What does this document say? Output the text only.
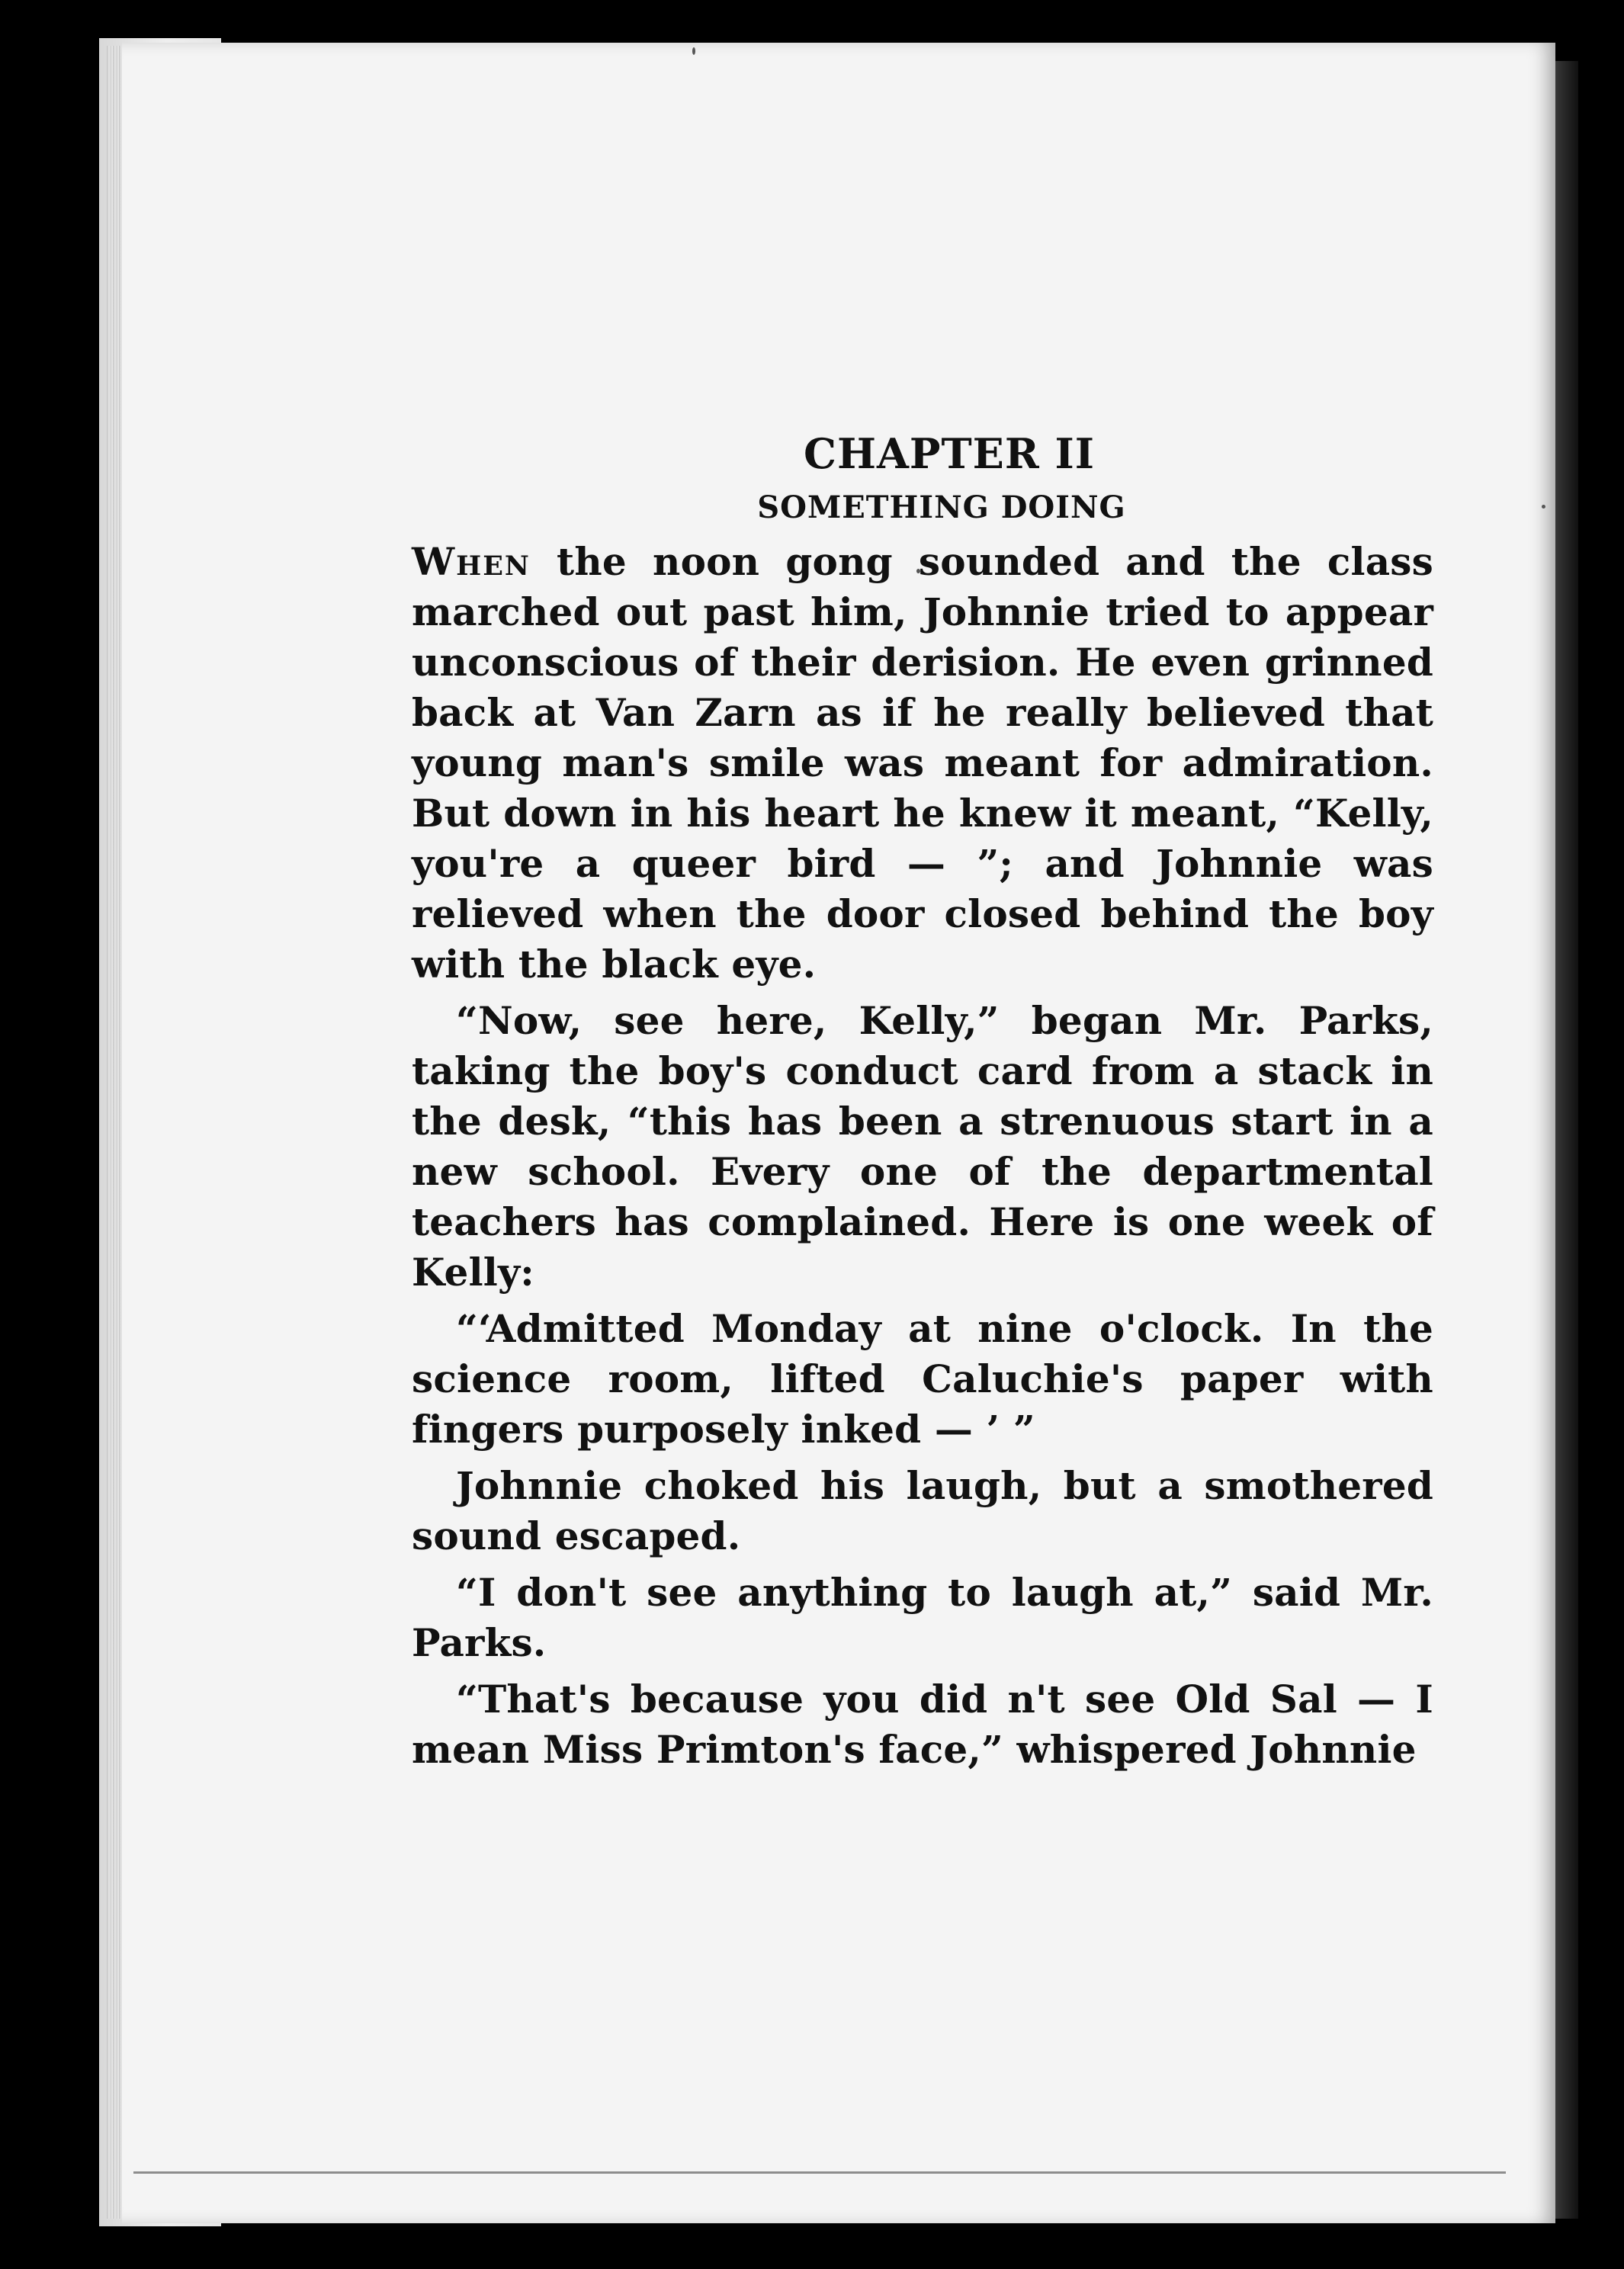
CHAPTER II
SOMETHING DOING

When the noon gong sounded and the class marched out past him, Johnnie tried to appear unconscious of their derision. He even grinned back at Van Zarn as if he really believed that young man's smile was meant for admiration. But down in his heart he knew it meant, “Kelly, you're a queer bird — ”; and Johnnie was relieved when the door closed behind the boy with the black eye.

“Now, see here, Kelly,” began Mr. Parks, taking the boy's conduct card from a stack in the desk, “this has been a strenuous start in a new school. Every one of the departmental teachers has complained. Here is one week of Kelly:

“‘Admitted Monday at nine o'clock. In the science room, lifted Caluchie's paper with fingers purposely inked — ’ ”

Johnnie choked his laugh, but a smothered sound escaped.

“I don't see anything to laugh at,” said Mr. Parks.

“That's because you did n't see Old Sal — I mean Miss Primton's face,” whispered Johnnie
